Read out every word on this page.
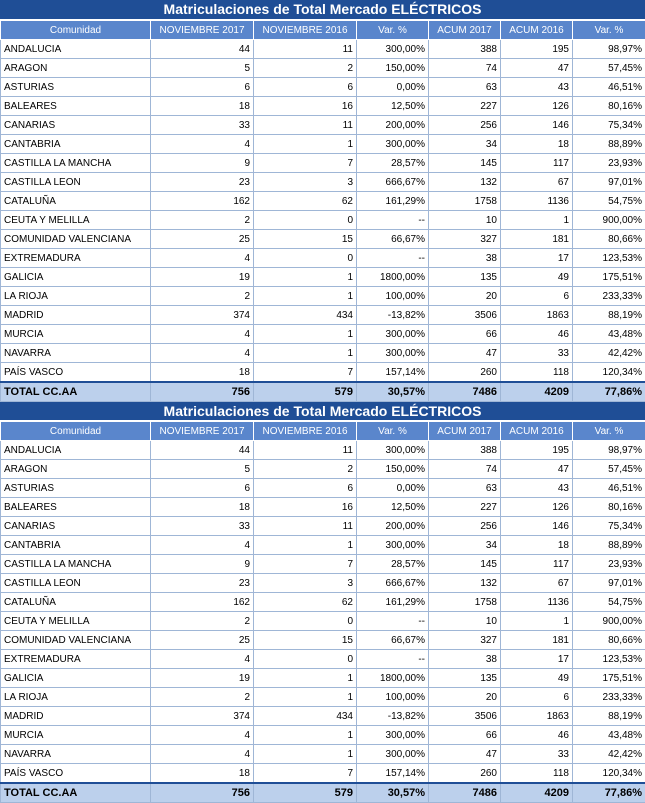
Matriculaciones de Total Mercado ELÉCTRICOS
Comunidad	NOVIEMBRE 2017	NOVIEMBRE 2016	Var. %	ACUM 2017	ACUM 2016	Var. %
ANDALUCIA	44	11	300,00%	388	195	98,97%
ARAGON	5	2	150,00%	74	47	57,45%
ASTURIAS	6	6	0,00%	63	43	46,51%
BALEARES	18	16	12,50%	227	126	80,16%
CANARIAS	33	11	200,00%	256	146	75,34%
CANTABRIA	4	1	300,00%	34	18	88,89%
CASTILLA LA MANCHA	9	7	28,57%	145	117	23,93%
CASTILLA LEON	23	3	666,67%	132	67	97,01%
CATALUÑA	162	62	161,29%	1758	1136	54,75%
CEUTA Y MELILLA	2	0	--	10	1	900,00%
COMUNIDAD VALENCIANA	25	15	66,67%	327	181	80,66%
EXTREMADURA	4	0	--	38	17	123,53%
GALICIA	19	1	1800,00%	135	49	175,51%
LA RIOJA	2	1	100,00%	20	6	233,33%
MADRID	374	434	-13,82%	3506	1863	88,19%
MURCIA	4	1	300,00%	66	46	43,48%
NAVARRA	4	1	300,00%	47	33	42,42%
PAÍS VASCO	18	7	157,14%	260	118	120,34%
TOTAL CC.AA	756	579	30,57%	7486	4209	77,86%
Matriculaciones de Total Mercado ELÉCTRICOS
Comunidad	NOVIEMBRE 2017	NOVIEMBRE 2016	Var. %	ACUM 2017	ACUM 2016	Var. %
ANDALUCIA	44	11	300,00%	388	195	98,97%
ARAGON	5	2	150,00%	74	47	57,45%
ASTURIAS	6	6	0,00%	63	43	46,51%
BALEARES	18	16	12,50%	227	126	80,16%
CANARIAS	33	11	200,00%	256	146	75,34%
CANTABRIA	4	1	300,00%	34	18	88,89%
CASTILLA LA MANCHA	9	7	28,57%	145	117	23,93%
CASTILLA LEON	23	3	666,67%	132	67	97,01%
CATALUÑA	162	62	161,29%	1758	1136	54,75%
CEUTA Y MELILLA	2	0	--	10	1	900,00%
COMUNIDAD VALENCIANA	25	15	66,67%	327	181	80,66%
EXTREMADURA	4	0	--	38	17	123,53%
GALICIA	19	1	1800,00%	135	49	175,51%
LA RIOJA	2	1	100,00%	20	6	233,33%
MADRID	374	434	-13,82%	3506	1863	88,19%
MURCIA	4	1	300,00%	66	46	43,48%
NAVARRA	4	1	300,00%	47	33	42,42%
PAÍS VASCO	18	7	157,14%	260	118	120,34%
TOTAL CC.AA	756	579	30,57%	7486	4209	77,86%
